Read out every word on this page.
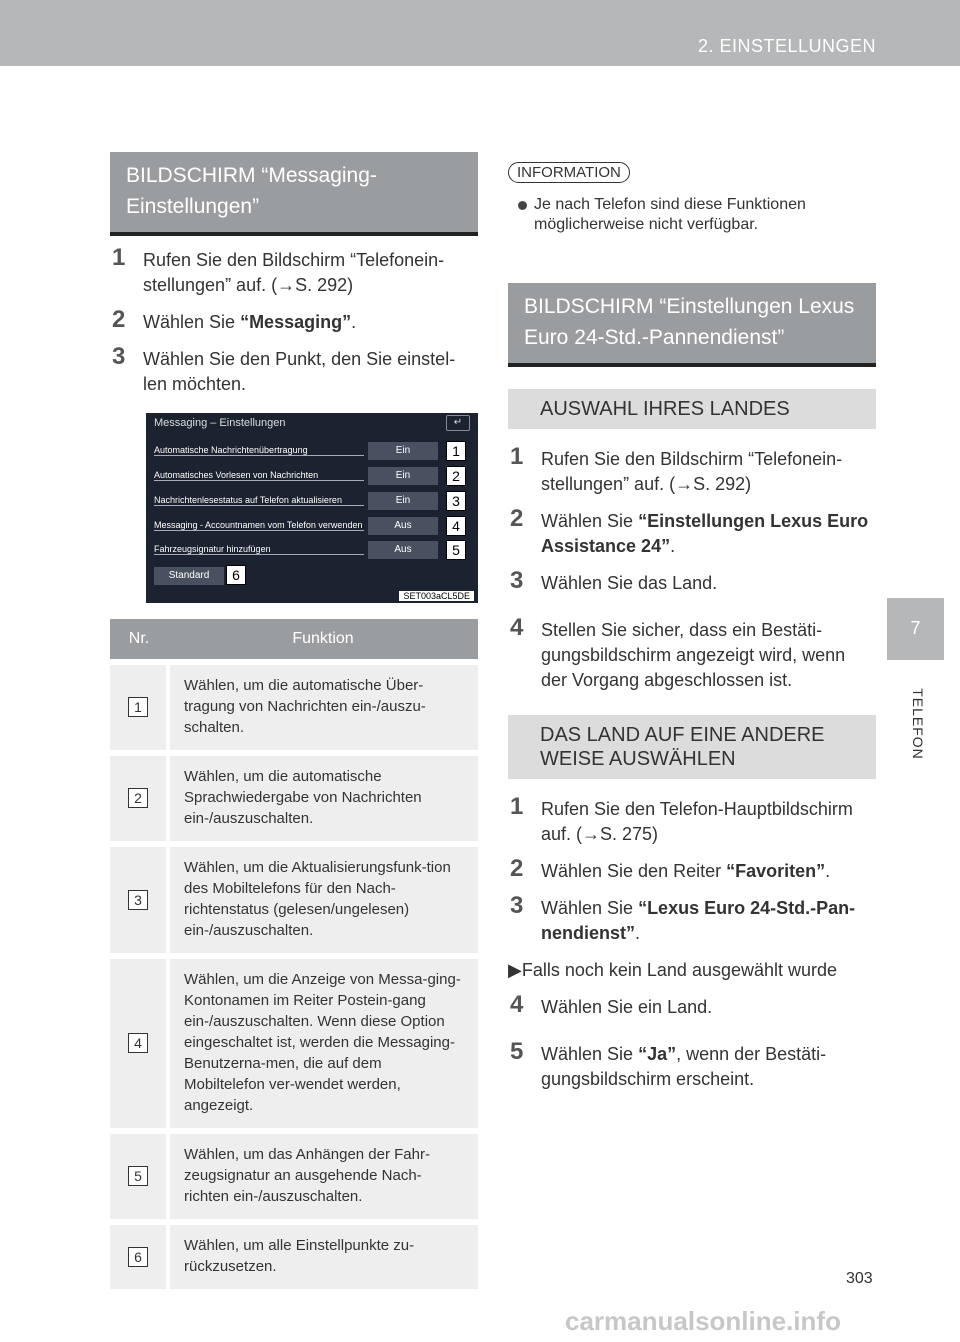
2. EINSTELLUNGEN
7
TELEFON
BILDSCHIRM “Messaging-Einstellungen”
1 Rufen Sie den Bildschirm “Telefonein-stellungen” auf. (→S. 292)
2 Wählen Sie “Messaging”.
3 Wählen Sie den Punkt, den Sie einstel-len möchten.
Messaging – Einstellungen	↵
Automatische Nachrichtenübertragung	Ein	1
Automatisches Vorlesen von Nachrichten	Ein	2
Nachrichtenlesestatus auf Telefon aktualisieren	Ein	3
Messaging - Accountnamen vom Telefon verwenden	Aus	4
Fahrzeugsignatur hinzufügen	Aus	5
Standard	6
SET003aCL5DE
Nr.	Funktion
1	Wählen, um die automatische Über-tragung von Nachrichten ein-/auszu-schalten.
2	Wählen, um die automatische Sprachwiedergabe von Nachrichten ein-/auszuschalten.
3	Wählen, um die Aktualisierungsfunk-tion des Mobiltelefons für den Nach-richtenstatus (gelesen/ungelesen) ein-/auszuschalten.
4	Wählen, um die Anzeige von Messa-ging-Kontonamen im Reiter Postein-gang ein-/auszuschalten. Wenn diese Option eingeschaltet ist, werden die Messaging-Benutzerna-men, die auf dem Mobiltelefon ver-wendet werden, angezeigt.
5	Wählen, um das Anhängen der Fahr-zeugsignatur an ausgehende Nach-richten ein-/auszuschalten.
6	Wählen, um alle Einstellpunkte zu-rückzusetzen.
INFORMATION
Je nach Telefon sind diese Funktionen möglicherweise nicht verfügbar.
BILDSCHIRM “Einstellungen Lexus Euro 24-Std.-Pannendienst”
AUSWAHL IHRES LANDES
1 Rufen Sie den Bildschirm “Telefonein-stellungen” auf. (→S. 292)
2 Wählen Sie “Einstellungen Lexus Euro Assistance 24”.
3 Wählen Sie das Land.
4 Stellen Sie sicher, dass ein Bestäti-gungsbildschirm angezeigt wird, wenn der Vorgang abgeschlossen ist.
DAS LAND AUF EINE ANDERE WEISE AUSWÄHLEN
1 Rufen Sie den Telefon-Hauptbildschirm auf. (→S. 275)
2 Wählen Sie den Reiter “Favoriten”.
3 Wählen Sie “Lexus Euro 24-Std.-Pan-nendienst”.
▶Falls noch kein Land ausgewählt wurde
4 Wählen Sie ein Land.
5 Wählen Sie “Ja”, wenn der Bestäti-gungsbildschirm erscheint.
303
carmanualsonline.info
